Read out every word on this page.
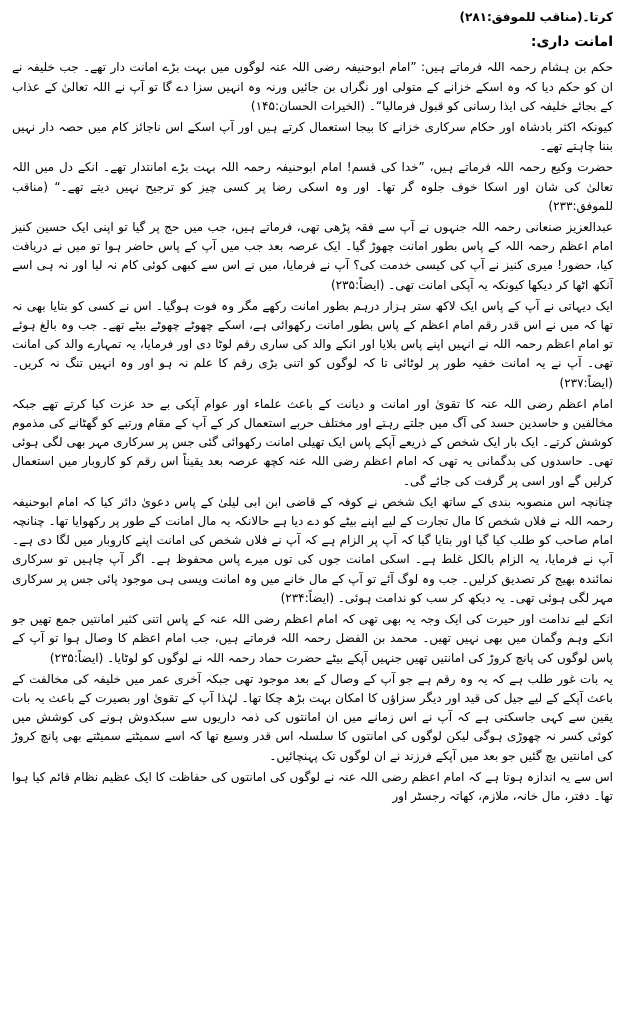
کرتا۔(مناقب للموفق:۲۸۱)

امانت داری:

حکم بن ہشام رحمہ اللہ فرماتے ہیں: ”امام ابوحنیفہ رضی اللہ عنہ لوگوں میں بہت بڑے امانت دار تھے۔ جب خلیفہ نے ان کو حکم دیا کہ وہ اسکے خزانے کے متولی اور نگراں بن جائیں ورنہ وہ انہیں سزا دے گا تو آپ نے اللہ تعالیٰ کے عذاب کے بجائے خلیفہ کی ایذا رسانی کو قبول فرمالیا“۔ (الخیرات الحسان:۱۴۵)

کیونکہ اکثر بادشاہ اور حکام سرکاری خزانے کا بیجا استعمال کرتے ہیں اور آپ اسکے اس ناجائز کام میں حصہ دار نہیں بننا چاہتے تھے۔

حضرت وکیع رحمہ اللہ فرماتے ہیں، ”خدا کی قسم! امام ابوحنیفہ رحمہ اللہ بہت بڑے امانتدار تھے۔ انکے دل میں اللہ تعالیٰ کی شان اور اسکا خوف جلوہ گر تھا۔ اور وہ اسکی رضا پر کسی چیز کو ترجیح نہیں دیتے تھے۔“ (مناقب للموفق:۲۳۳)

عبدالعزیز صنعانی رحمہ اللہ جنہوں نے آپ سے فقہ پڑھی تھی، فرماتے ہیں، جب میں حج پر گیا تو اپنی ایک حسین کنیز امام اعظم رحمہ اللہ کے پاس بطور امانت چھوڑ گیا۔ ایک عرصہ بعد جب میں آپ کے پاس حاضر ہوا تو میں نے دریافت کیا، حضور! میری کنیز نے آپ کی کیسی خدمت کی؟ آپ نے فرمایا، میں نے اس سے کبھی کوئی کام نہ لیا اور نہ ہی اسے آنکھ اٹھا کر دیکھا کیونکہ یہ آپکی امانت تھی۔ (ایضاً:۲۳۵)

ایک دیہاتی نے آپ کے پاس ایک لاکھ ستر ہزار درہم بطور امانت رکھے مگر وہ فوت ہوگیا۔ اس نے کسی کو بتایا بھی نہ تھا کہ میں نے اس قدر رقم امام اعظم کے پاس بطور امانت رکھوائی ہے، اسکے چھوٹے چھوٹے بیٹے تھے۔ جب وہ بالغ ہوئے تو امام اعظم رحمہ اللہ نے انہیں اپنے پاس بلایا اور انکے والد کی ساری رقم لوٹا دی اور فرمایا، یہ تمہارے والد کی امانت تھی۔ آپ نے یہ امانت خفیہ طور پر لوٹائی تا کہ لوگوں کو اتنی بڑی رقم کا علم نہ ہو اور وہ انہیں تنگ نہ کریں۔ (ایضاً:۲۳۷)

امام اعظم رضی اللہ عنہ کا تقویٰ اور امانت و دیانت کے باعث علماء اور عوام آپکی بے حد عزت کیا کرتے تھے جبکہ مخالفین و حاسدین حسد کی آگ میں جلتے رہتے اور مختلف حربے استعمال کر کے آپ کے مقام ورتبے کو گھٹانے کی مذموم کوشش کرتے۔ ایک بار ایک شخص کے ذریعے آپکے پاس ایک تھیلی امانت رکھوائی گئی جس پر سرکاری مہر بھی لگی ہوئی تھی۔ حاسدوں کی بدگمانی یہ تھی کہ امام اعظم رضی اللہ عنہ کچھ عرصہ بعد یقیناً اس رقم کو کاروبار میں استعمال کرلیں گے اور اسی پر گرفت کی جائے گی۔

چنانچہ اس منصوبہ بندی کے ساتھ ایک شخص نے کوفہ کے قاضی ابن ابی لیلیٰ کے پاس دعویٰ دائر کیا کہ امام ابوحنیفہ رحمہ اللہ نے فلاں شخص کا مال تجارت کے لیے اپنے بیٹے کو دے دیا ہے حالانکہ یہ مال امانت کے طور پر رکھوایا تھا۔ چنانچہ امام صاحب کو طلب کیا گیا اور بتایا گیا کہ آپ پر الزام ہے کہ آپ نے فلاں شخص کی امانت اپنے کاروبار میں لگا دی ہے۔ آپ نے فرمایا، یہ الزام بالکل غلط ہے۔ اسکی امانت جوں کی توں میرے پاس محفوظ ہے۔ اگر آپ چاہیں تو سرکاری نمائندہ بھیج کر تصدیق کرلیں۔ جب وہ لوگ آئے تو آپ کے مال خانے میں وہ امانت ویسی ہی موجود پائی جس پر سرکاری مہر لگی ہوئی تھی۔ یہ دیکھ کر سب کو ندامت ہوئی۔ (ایضاً:۲۳۴)

انکے لیے ندامت اور حیرت کی ایک وجہ یہ بھی تھی کہ امام اعظم رضی اللہ عنہ کے پاس اتنی کثیر امانتیں جمع تھیں جو انکے وہم وگمان میں بھی نہیں تھیں۔ محمد بن الفضل رحمہ اللہ فرماتے ہیں، جب امام اعظم کا وصال ہوا تو آپ کے پاس لوگوں کی پانچ کروڑ کی امانتیں تھیں جنہیں آپکے بیٹے حضرت حماد رحمہ اللہ نے لوگوں کو لوٹایا۔ (ایضاً:۲۳۵)

یہ بات غور طلب ہے کہ یہ وہ رقم ہے جو آپ کے وصال کے بعد موجود تھی جبکہ آخری عمر میں خلیفہ کی مخالفت کے باعث آپکے کے لیے جیل کی قید اور دیگر سزاؤں کا امکان بہت بڑھ چکا تھا۔ لہٰذا آپ کے تقویٰ اور بصیرت کے باعث یہ بات یقین سے کہی جاسکتی ہے کہ آپ نے اس زمانے میں ان امانتوں کی ذمہ داریوں سے سبکدوش ہونے کی کوشش میں کوئی کسر نہ چھوڑی ہوگی لیکن لوگوں کی امانتوں کا سلسلہ اس قدر وسیع تھا کہ اسے سمیٹتے سمیٹتے بھی پانچ کروڑ کی امانتیں بچ گئیں جو بعد میں آپکے فرزند نے ان لوگوں تک پہنچائیں۔

اس سے یہ اندازہ ہوتا ہے کہ امام اعظم رضی اللہ عنہ نے لوگوں کی امانتوں کی حفاظت کا ایک عظیم نظام قائم کیا ہوا تھا۔ دفتر، مال خانہ، ملازم، کھاتہ رجسٹر اور
